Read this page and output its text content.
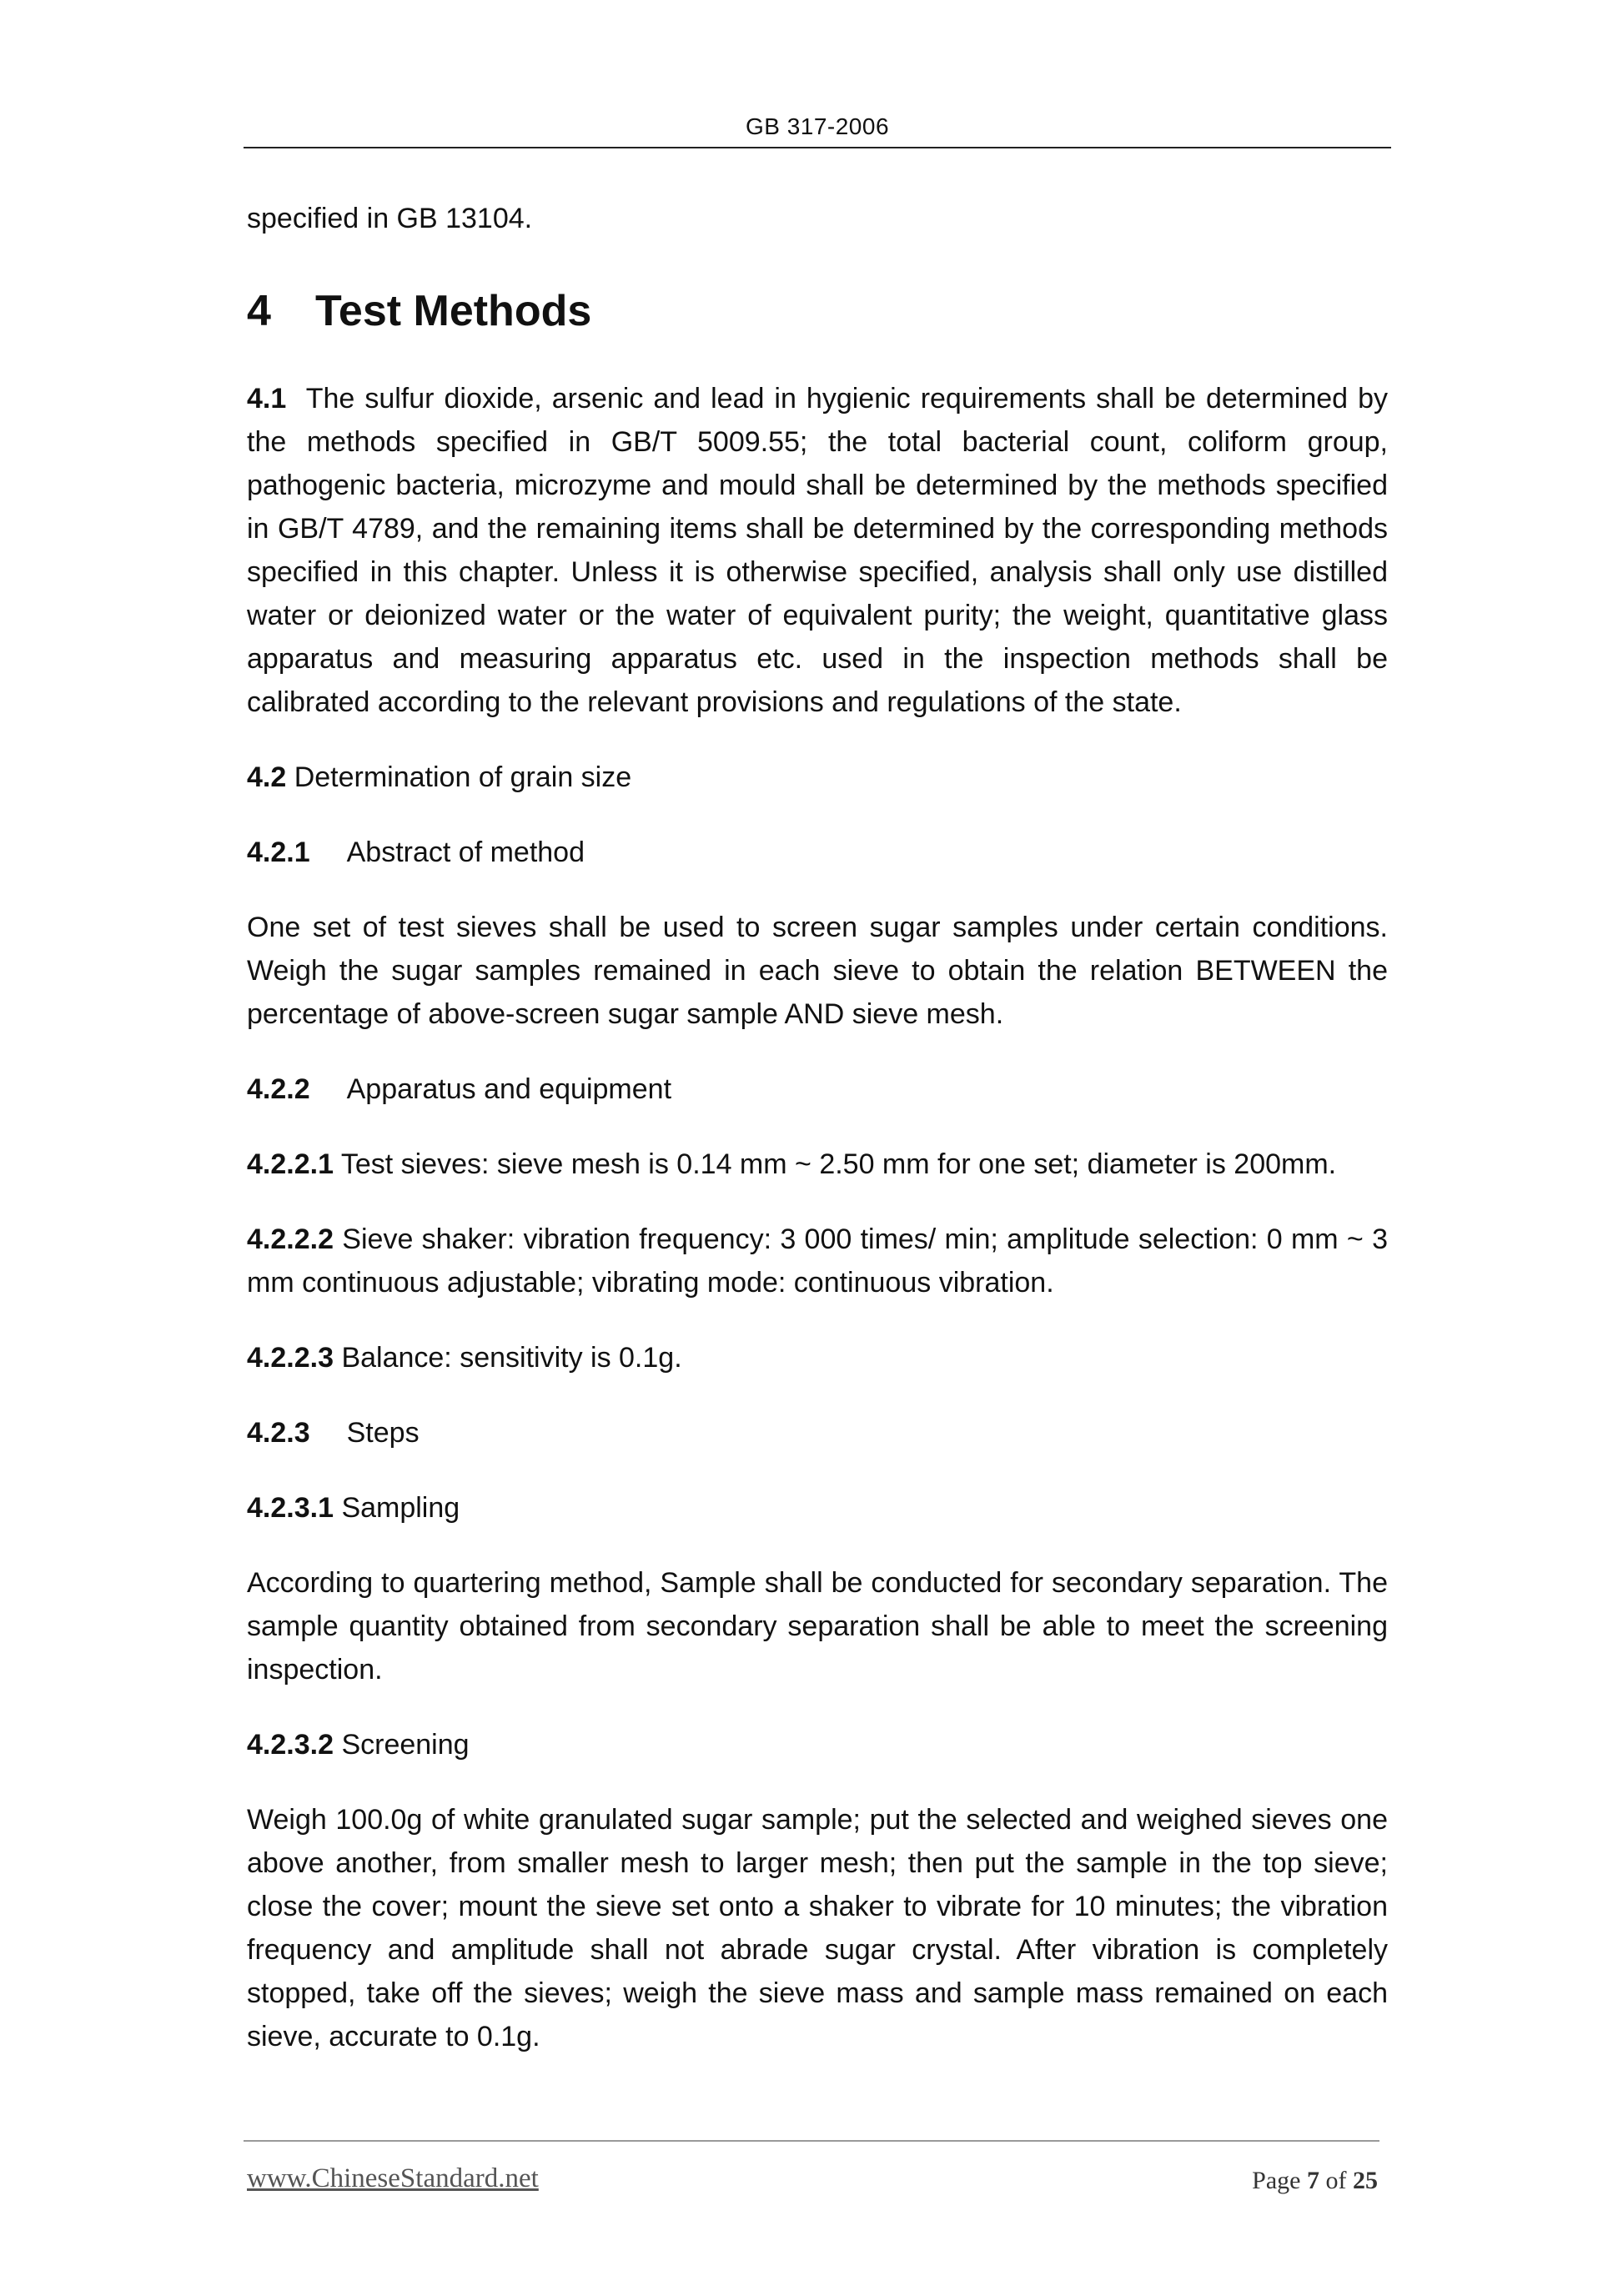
GB 317-2006

specified in GB 13104.

4 Test Methods

4.1 The sulfur dioxide, arsenic and lead in hygienic requirements shall be determined by the methods specified in GB/T 5009.55; the total bacterial count, coliform group, pathogenic bacteria, microzyme and mould shall be determined by the methods specified in GB/T 4789, and the remaining items shall be determined by the corresponding methods specified in this chapter. Unless it is otherwise specified, analysis shall only use distilled water or deionized water or the water of equivalent purity; the weight, quantitative glass apparatus and measuring apparatus etc. used in the inspection methods shall be calibrated according to the relevant provisions and regulations of the state.

4.2 Determination of grain size

4.2.1 Abstract of method

One set of test sieves shall be used to screen sugar samples under certain conditions. Weigh the sugar samples remained in each sieve to obtain the relation BETWEEN the percentage of above-screen sugar sample AND sieve mesh.

4.2.2 Apparatus and equipment

4.2.2.1 Test sieves: sieve mesh is 0.14 mm ~ 2.50 mm for one set; diameter is 200mm.

4.2.2.2 Sieve shaker: vibration frequency: 3 000 times/ min; amplitude selection: 0 mm ~ 3 mm continuous adjustable; vibrating mode: continuous vibration.

4.2.2.3 Balance: sensitivity is 0.1g.

4.2.3 Steps

4.2.3.1 Sampling

According to quartering method, Sample shall be conducted for secondary separation. The sample quantity obtained from secondary separation shall be able to meet the screening inspection.

4.2.3.2 Screening

Weigh 100.0g of white granulated sugar sample; put the selected and weighed sieves one above another, from smaller mesh to larger mesh; then put the sample in the top sieve; close the cover; mount the sieve set onto a shaker to vibrate for 10 minutes; the vibration frequency and amplitude shall not abrade sugar crystal. After vibration is completely stopped, take off the sieves; weigh the sieve mass and sample mass remained on each sieve, accurate to 0.1g.

www.ChineseStandard.net	Page 7 of 25
